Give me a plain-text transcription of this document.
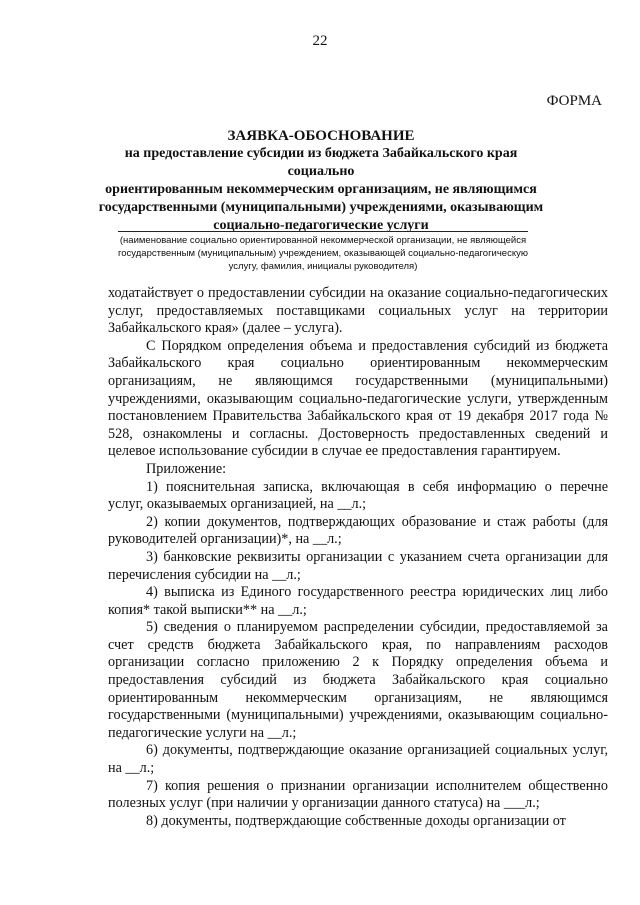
22
ФОРМА
ЗАЯВКА-ОБОСНОВАНИЕ
на предоставление субсидии из бюджета Забайкальского края социально
ориентированным некоммерческим организациям, не являющимся
государственными (муниципальными) учреждениями, оказывающим
социально-педагогические услуги
(наименование социально ориентированной некоммерческой организации, не являющейся
государственным (муниципальным) учреждением, оказывающей социально-педагогическую
услугу, фамилия, инициалы руководителя)

ходатайствует о предоставлении субсидии на оказание социально-педагогических услуг, предоставляемых поставщиками социальных услуг на территории Забайкальского края» (далее – услуга).

С Порядком определения объема и предоставления субсидий из бюджета Забайкальского края социально ориентированным некоммерческим организациям, не являющимся государственными (муниципальными) учреждениями, оказывающим социально-педагогические услуги, утвержденным постановлением Правительства Забайкальского края от 19 декабря 2017 года № 528, ознакомлены и согласны. Достоверность предоставленных сведений и целевое использование субсидии в случае ее предоставления гарантируем.

Приложение:

1) пояснительная записка, включающая в себя информацию о перечне услуг, оказываемых организацией, на __л.;

2) копии документов, подтверждающих образование и стаж работы (для руководителей организации)*, на __л.;

3) банковские реквизиты организации с указанием счета организации для перечисления субсидии на __л.;

4) выписка из Единого государственного реестра юридических лиц либо копия* такой выписки** на __л.;

5) сведения о планируемом распределении субсидии, предоставляемой за счет средств бюджета Забайкальского края, по направлениям расходов организации согласно приложению 2 к Порядку определения объема и предоставления субсидий из бюджета Забайкальского края социально ориентированным некоммерческим организациям, не являющимся государственными (муниципальными) учреждениями, оказывающим социально-педагогические услуги на __л.;

6) документы, подтверждающие оказание организацией социальных услуг, на __л.;

7) копия решения о признании организации исполнителем общественно полезных услуг (при наличии у организации данного статуса) на ___л.;

8) документы, подтверждающие собственные доходы организации от
